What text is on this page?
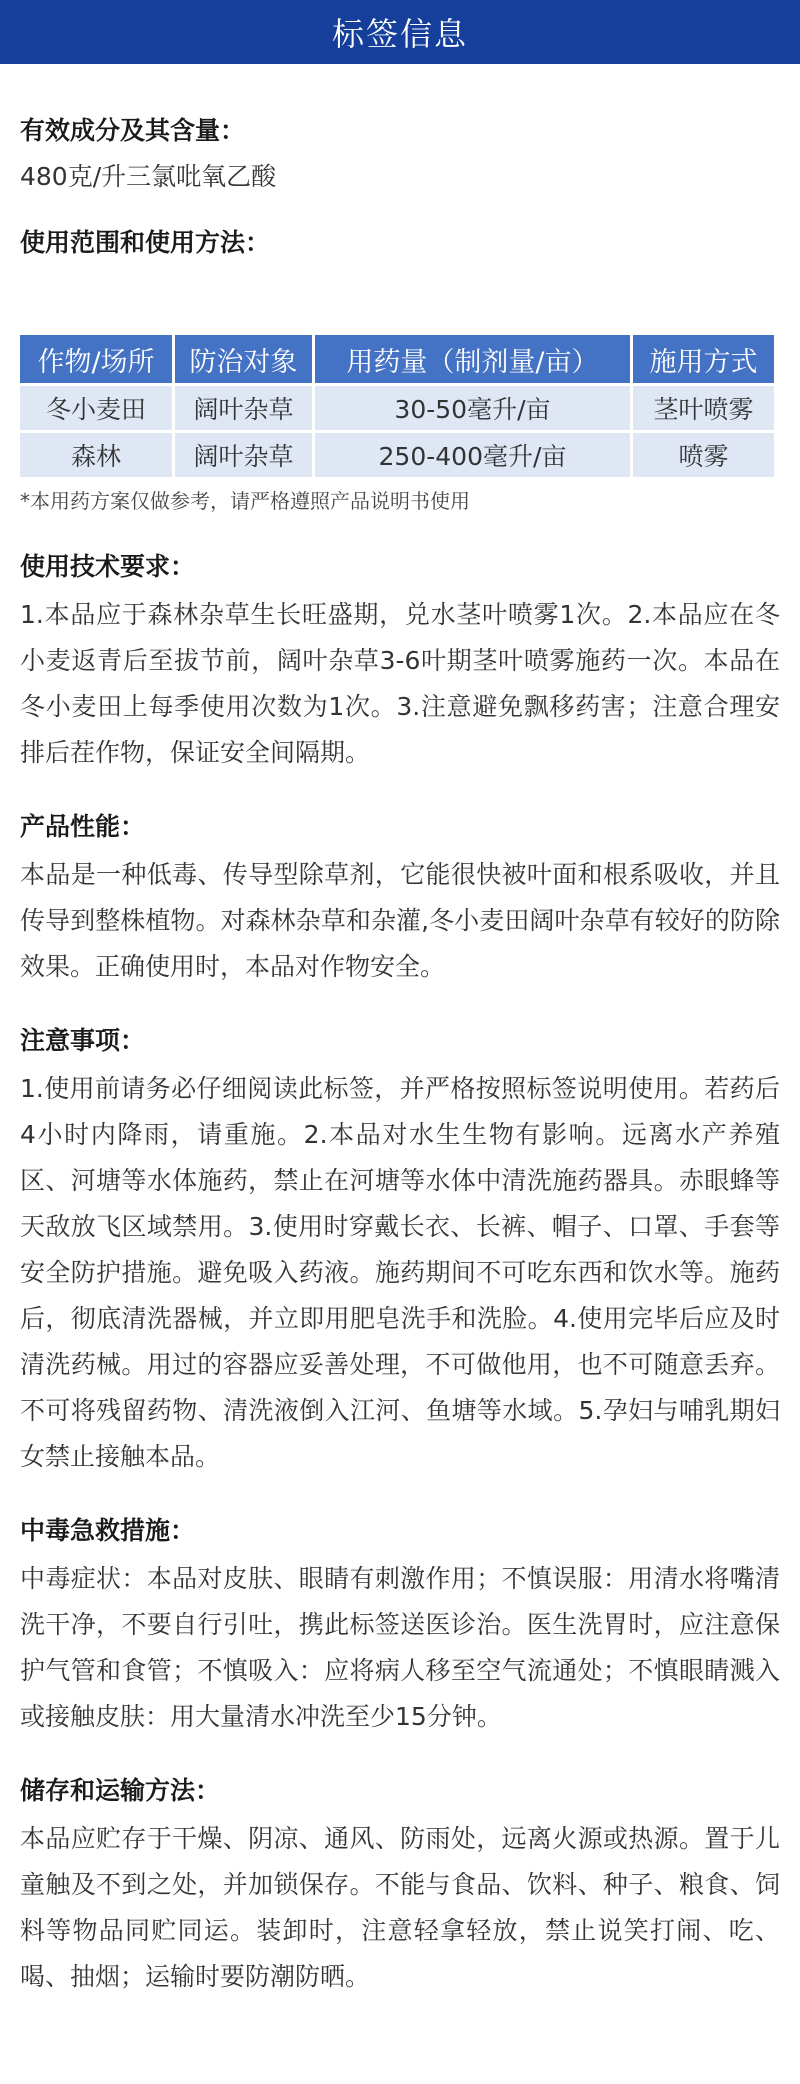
标签信息

有效成分及其含量：

480克/升三氯吡氧乙酸

使用范围和使用方法：

作物/场所	防治对象	用药量（制剂量/亩）	施用方式
冬小麦田	阔叶杂草	30-50毫升/亩	茎叶喷雾
森林	阔叶杂草	250-400毫升/亩	喷雾

*本用药方案仅做参考，请严格遵照产品说明书使用

使用技术要求：

1.本品应于森林杂草生长旺盛期，兑水茎叶喷雾1次。2.本品应在冬小麦返青后至拔节前，阔叶杂草3-6叶期茎叶喷雾施药一次。本品在冬小麦田上每季使用次数为1次。3.注意避免飘移药害；注意合理安排后茬作物，保证安全间隔期。

产品性能：

本品是一种低毒、传导型除草剂，它能很快被叶面和根系吸收，并且传导到整株植物。对森林杂草和杂灌,冬小麦田阔叶杂草有较好的防除效果。正确使用时，本品对作物安全。

注意事项：

1.使用前请务必仔细阅读此标签，并严格按照标签说明使用。若药后4小时内降雨，请重施。2.本品对水生生物有影响。远离水产养殖区、河塘等水体施药，禁止在河塘等水体中清洗施药器具。赤眼蜂等天敌放飞区域禁用。3.使用时穿戴长衣、长裤、帽子、口罩、手套等安全防护措施。避免吸入药液。施药期间不可吃东西和饮水等。施药后，彻底清洗器械，并立即用肥皂洗手和洗脸。4.使用完毕后应及时清洗药械。用过的容器应妥善处理，不可做他用，也不可随意丢弃。不可将残留药物、清洗液倒入江河、鱼塘等水域。5.孕妇与哺乳期妇女禁止接触本品。

中毒急救措施：

中毒症状：本品对皮肤、眼睛有刺激作用；不慎误服：用清水将嘴清洗干净，不要自行引吐，携此标签送医诊治。医生洗胃时，应注意保护气管和食管；不慎吸入：应将病人移至空气流通处；不慎眼睛溅入或接触皮肤：用大量清水冲洗至少15分钟。

储存和运输方法：

本品应贮存于干燥、阴凉、通风、防雨处，远离火源或热源。置于儿童触及不到之处，并加锁保存。不能与食品、饮料、种子、粮食、饲料等物品同贮同运。装卸时，注意轻拿轻放，禁止说笑打闹、吃、喝、抽烟；运输时要防潮防晒。
